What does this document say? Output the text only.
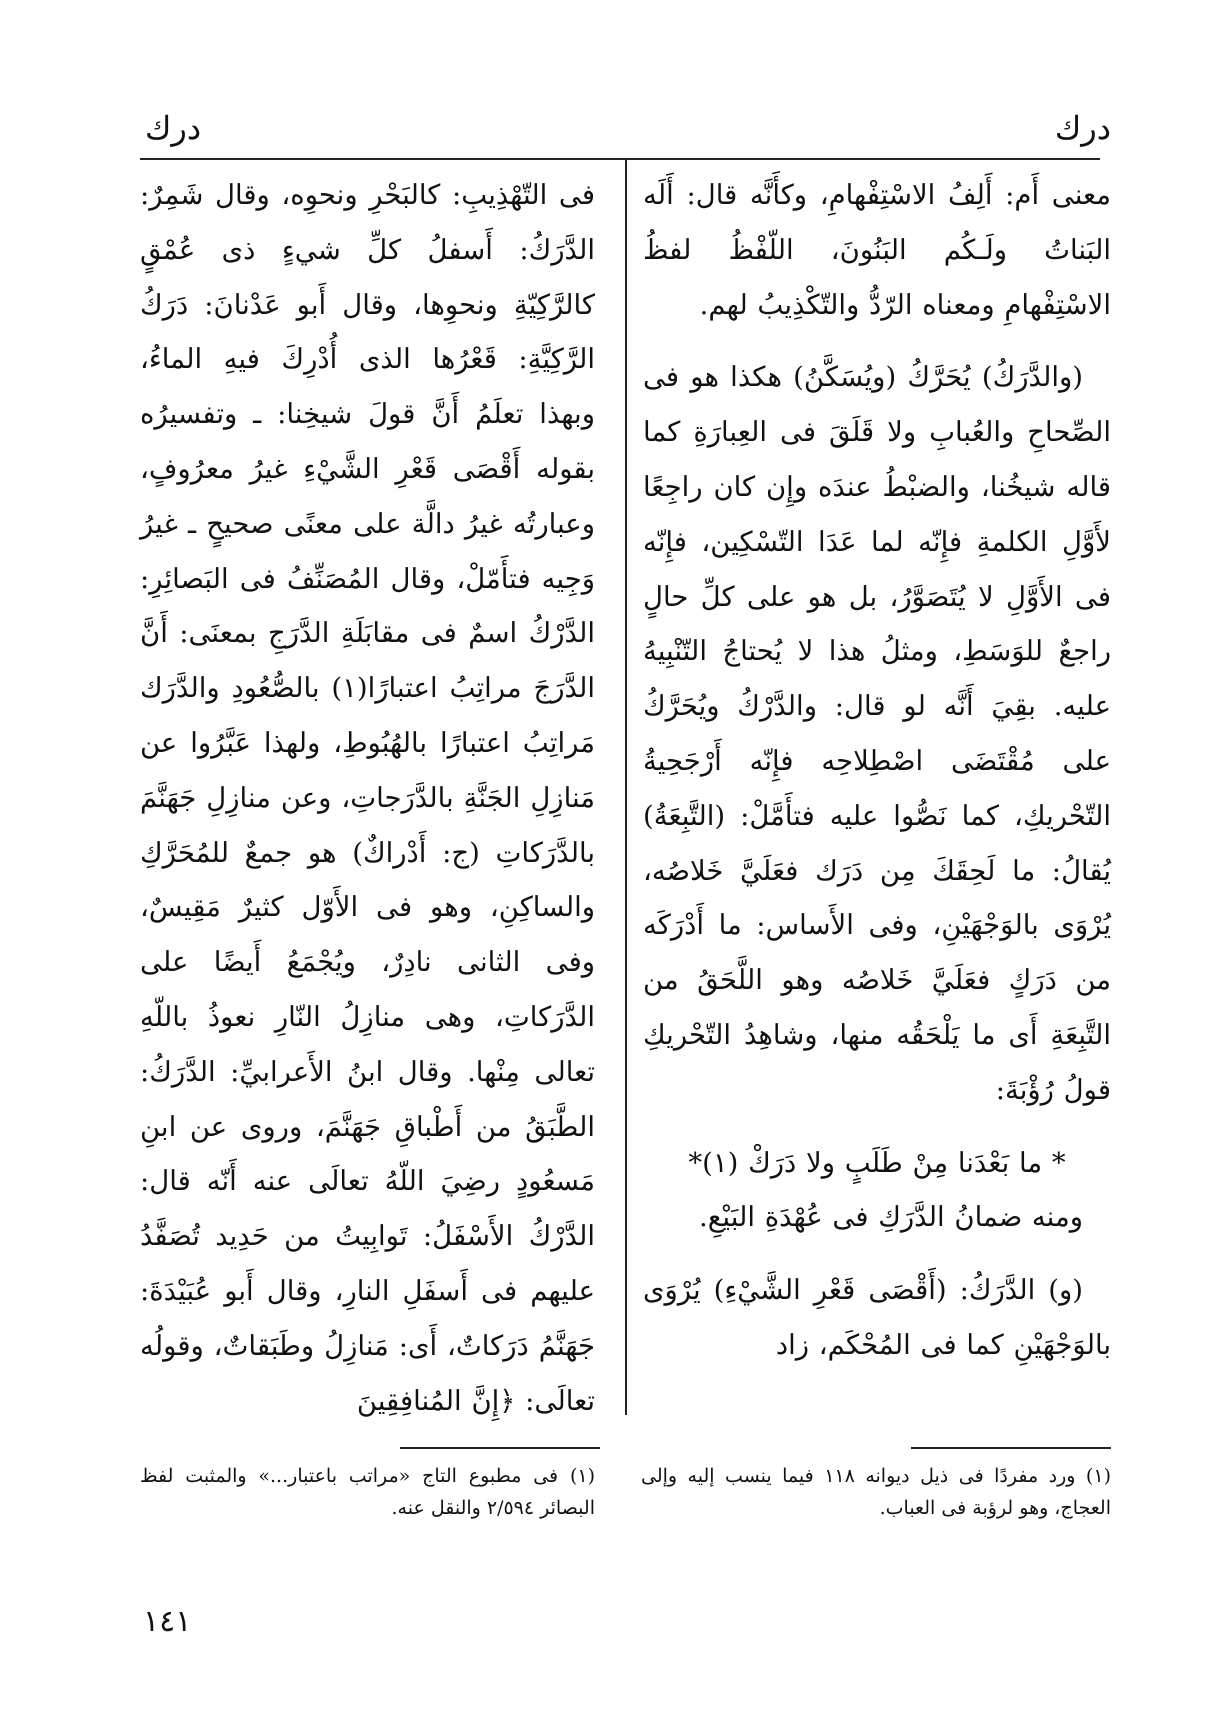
درك
درك

معنى أَم: أَلِفُ الاسْتِفْهامِ، وكأَنَّه قال: أَلَه البَناتُ ولَـكُم البَنُونَ، اللّفْظُ لفظُ الاسْتِفْهامِ ومعناه الرّدُّ والتّكْذِيبُ لهم.

(والدَّرَكُ) يُحَرَّكُ (ويُسَكَّنُ) هكذا هو فى الصِّحاحِ والعُبابِ ولا قَلَقَ فى العِبارَةِ كما قاله شيخُنا، والضبْطُ عندَه وإِن كان راجِعًا لأَوَّلِ الكلمةِ فإِنّه لما عَدَا التّسْكِين، فإِنّه فى الأَوَّلِ لا يُتَصَوَّرُ، بل هو على كلِّ حالٍ راجعٌ للوَسَطِ، ومثلُ هذا لا يُحتاجُ التّنْبِيهُ عليه. بقِيَ أَنَّه لو قال: والدَّرْكُ ويُحَرَّكُ على مُقْتَضَى اصْطِلاحِه فإِنّه أَرْجَحِيةُ التّحْريكِ، كما نَصُّوا عليه فتأَمَّلْ: (التَّبِعَةُ) يُقالُ: ما لَحِقَكَ مِن دَرَك فعَلَيَّ خَلاصُه، يُرْوَى بالوَجْهَيْنِ، وفى الأَساس: ما أَدْرَكَه من دَرَكٍ فعَلَيَّ خَلاصُه وهو اللَّحَقُ من التَّبِعَةِ أَى ما يَلْحَقُه منها، وشاهِدُ التّحْريكِ قولُ رُؤْبَةَ:

* ما بَعْدَنا مِنْ طَلَبٍ ولا دَرَكْ (١)*

ومنه ضمانُ الدَّرَكِ فى عُهْدَةِ البَيْعِ.

(و) الدَّرَكُ: (أَقْصَى قَعْرِ الشَّيْءِ) يُرْوَى بالوَجْهَيْنِ كما فى المُحْكَم، زاد

فى التّهْذِيبِ: كالبَحْرِ ونحوِه، وقال شَمِرٌ: الدَّرَكُ: أَسفلُ كلِّ شيءٍ ذى عُمْقٍ كالرَّكِيّةِ ونحوِها، وقال أَبو عَدْنانَ: دَرَكُ الرَّكِيَّةِ: قَعْرُها الذى أُدْرِكَ فيهِ الماءُ، وبهذا تعلَمُ أَنَّ قولَ شيخِنا: ـ وتفسيرُه بقوله أَقْصَى قَعْرِ الشَّيْءِ غيرُ معرُوفٍ، وعبارتُه غيرُ دالَّة على معنًى صحيحٍ ـ غيرُ وَجِيه فتأَمّلْ، وقال المُصَنِّفُ فى البَصائِرِ: الدَّرْكُ اسمٌ فى مقابَلَةِ الدَّرَجِ بمعنَى: أَنَّ الدَّرَجَ مراتِبُ اعتبارًا(١) بالصُّعُودِ والدَّرَك مَراتِبُ اعتبارًا بالهُبُوطِ، ولهذا عَبَّرُوا عن مَنازِلِ الجَنَّةِ بالدَّرَجاتِ، وعن منازِلِ جَهَنَّمَ بالدَّرَكاتِ (ج: أَدْراكٌ) هو جمعٌ للمُحَرَّكِ والساكِنِ، وهو فى الأَوّل كثيرٌ مَقِيسٌ، وفى الثانى نادِرٌ، ويُجْمَعُ أَيضًا على الدَّرَكاتِ، وهى منازِلُ النّارِ نعوذُ باللّهِ تعالى مِنْها. وقال ابنُ الأَعرابيِّ: الدَّرَكُ: الطَّبَقُ من أَطْباقِ جَهَنَّمَ، وروى عن ابنِ مَسعُودٍ رضِيَ اللّهُ تعالَى عنه أَنّه قال: الدَّرْكُ الأَسْفَلُ: تَوابِيتُ من حَدِيد تُصَفَّدُ عليهم فى أَسفَلِ النارِ، وقال أَبو عُبَيْدَةَ: جَهَنَّمُ دَرَكاتٌ، أَى: مَنازِلُ وطَبَقاتٌ، وقولُه تعالَى: ﴿إِنَّ المُنافِقِينَ

(١) ورد مفردًا فى ذيل ديوانه ١١٨ فيما ينسب إليه وإلى العجاج، وهو لرؤبة فى العباب.
(١) فى مطبوع التاج «مراتب باعتبار...» والمثبت لفظ البصائر ٢/٥٩٤ والنقل عنه.
١٤١
